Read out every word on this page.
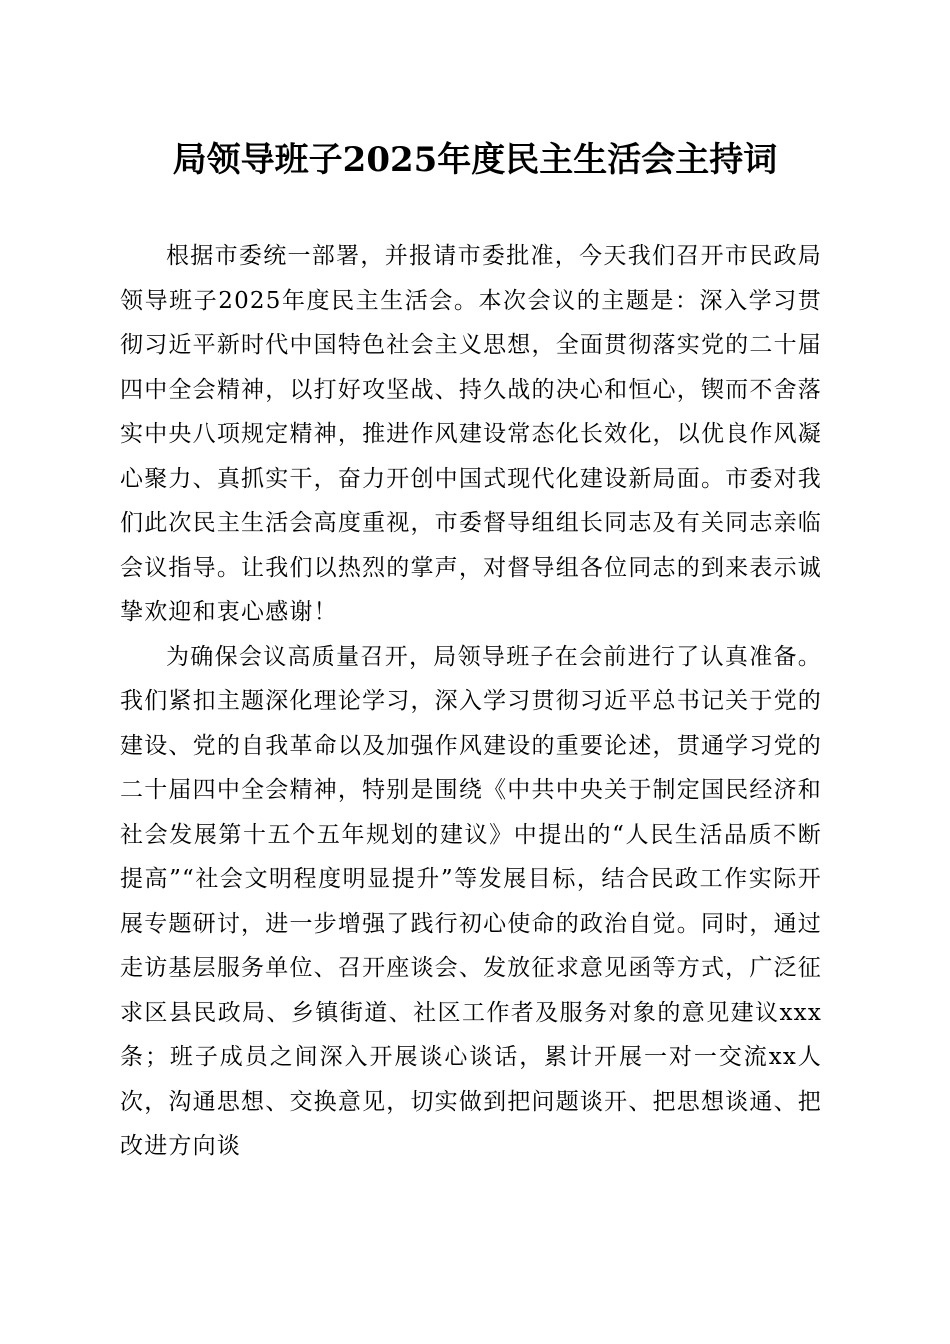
局领导班子2025年度民主生活会主持词

根据市委统一部署，并报请市委批准，今天我们召开市民政局领导班子2025年度民主生活会。本次会议的主题是：深入学习贯彻习近平新时代中国特色社会主义思想，全面贯彻落实党的二十届四中全会精神，以打好攻坚战、持久战的决心和恒心，锲而不舍落实中央八项规定精神，推进作风建设常态化长效化，以优良作风凝心聚力、真抓实干，奋力开创中国式现代化建设新局面。市委对我们此次民主生活会高度重视，市委督导组组长同志及有关同志亲临会议指导。让我们以热烈的掌声，对督导组各位同志的到来表示诚挚欢迎和衷心感谢！

为确保会议高质量召开，局领导班子在会前进行了认真准备。我们紧扣主题深化理论学习，深入学习贯彻习近平总书记关于党的建设、党的自我革命以及加强作风建设的重要论述，贯通学习党的二十届四中全会精神，特别是围绕《中共中央关于制定国民经济和社会发展第十五个五年规划的建议》中提出的“人民生活品质不断提高”“社会文明程度明显提升”等发展目标，结合民政工作实际开展专题研讨，进一步增强了践行初心使命的政治自觉。同时，通过走访基层服务单位、召开座谈会、发放征求意见函等方式，广泛征求区县民政局、乡镇街道、社区工作者及服务对象的意见建议xxx条；班子成员之间深入开展谈心谈话，累计开展一对一交流xx人次，沟通思想、交换意见，切实做到把问题谈开、把思想谈通、把改进方向谈
